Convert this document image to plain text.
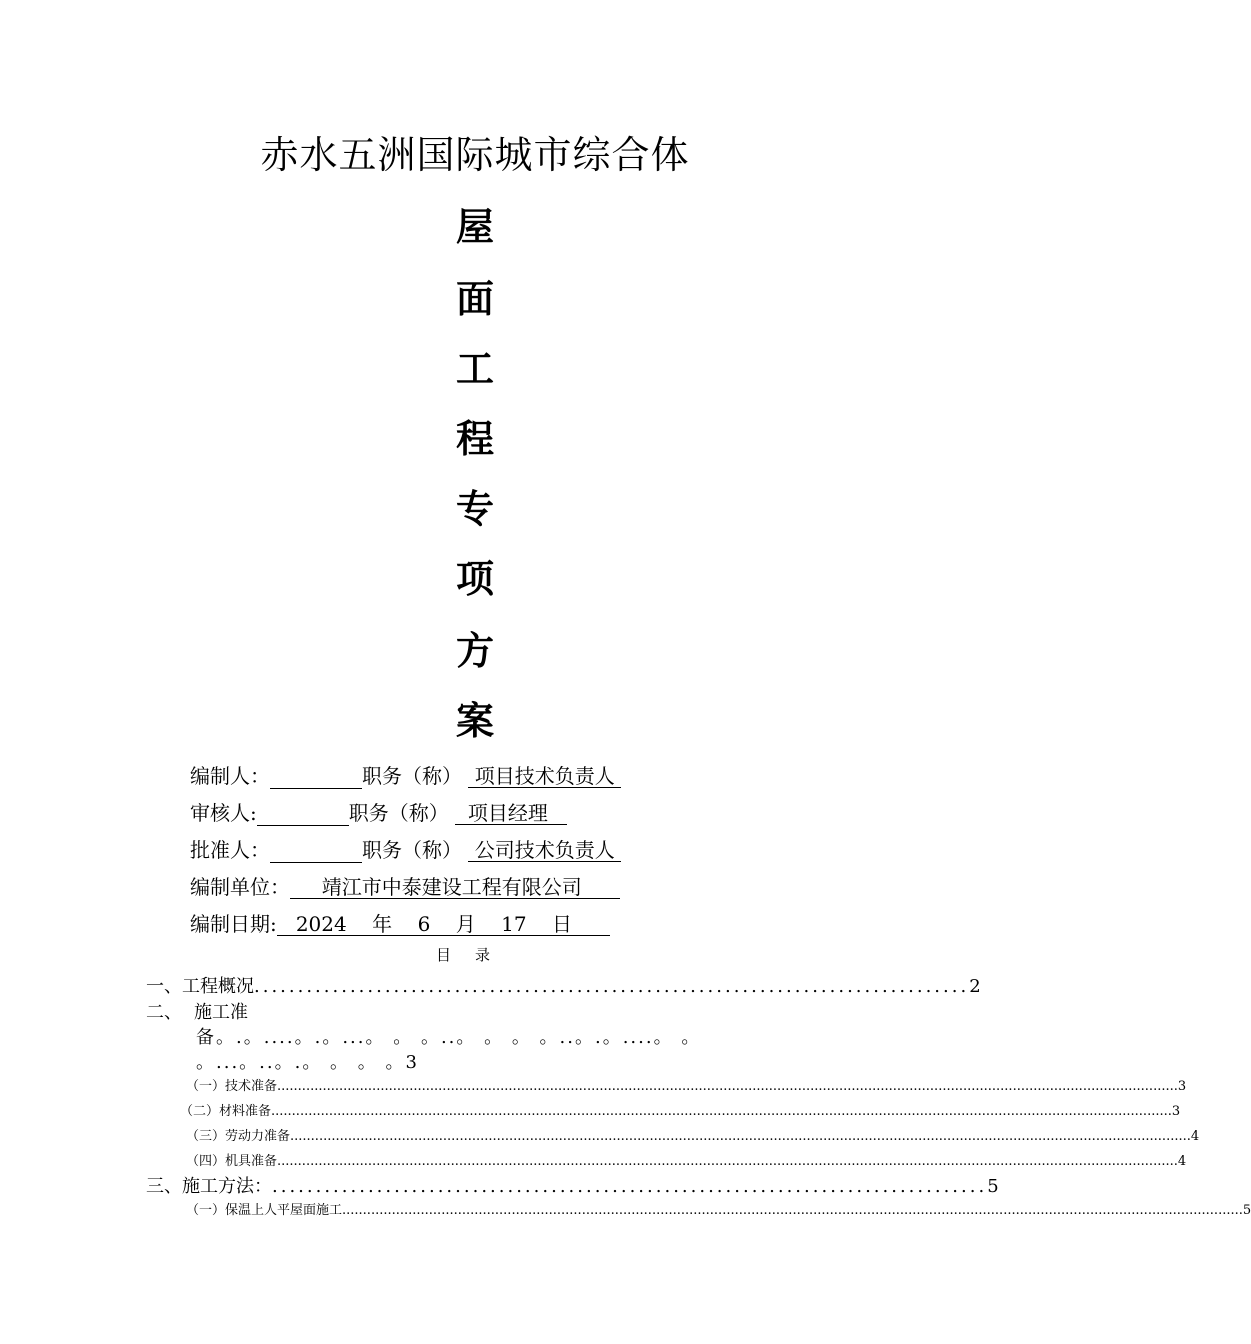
赤水五洲国际城市综合体
屋
面
工
程
专
项
方
案
编制人：	职务（称）  项目技术负责人
审核人:	职务（称）   项目经理
批准人：	职务（称）  公司技术负责人
编制单位：     靖江市中泰建设工程有限公司
编制日期:   2024    年    6    月    17    日
目录
一、 工程概况 .................................................................................. 2
二、 施工准
备。.。....。.。...。 。 。..。 。 。 。..。.。....。 。
。...。..。.。 。 。 。3
（一）技术准备 .......................................................................................................................................................................................................................... 3
（二）材料准备 .......................................................................................................................................................................................................................... 3
（三）劳动力准备 .......................................................................................................................................................................................................................... 4
（四）机具准备 .......................................................................................................................................................................................................................... 4
三、 施工方法： .................................................................................. 5
（一）保温上人平屋面施工 .......................................................................................................................................................................................................................... 5
